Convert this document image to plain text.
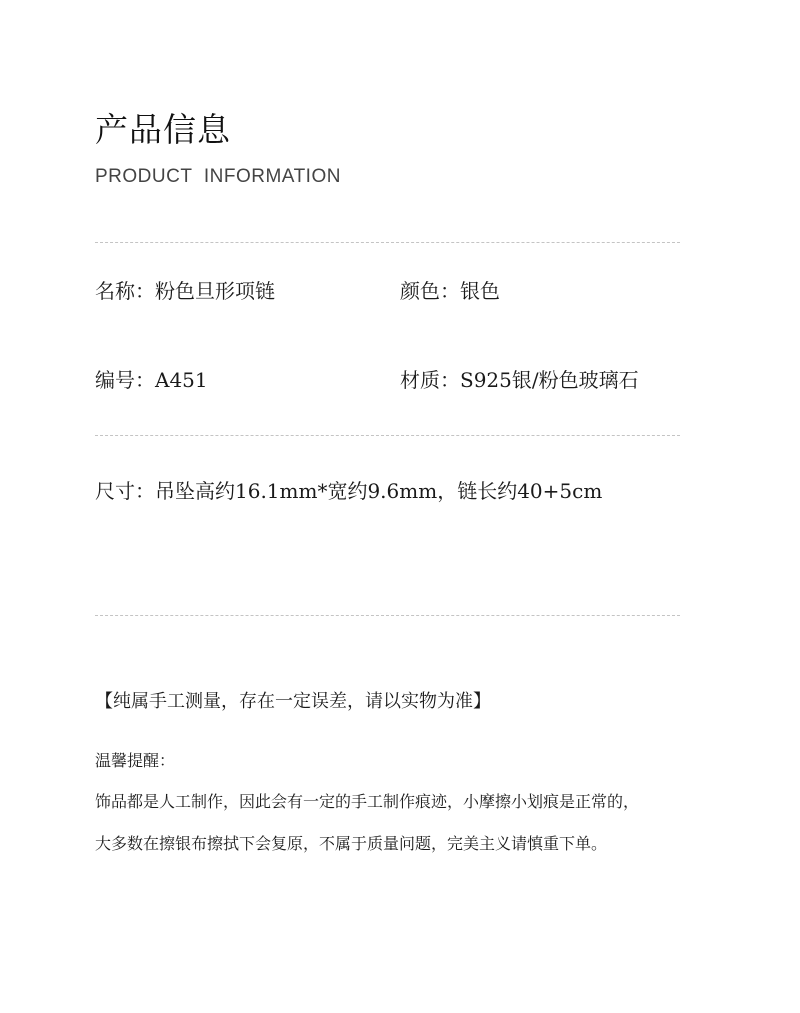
产品信息
PRODUCT INFORMATION
名称：粉色旦形项链	颜色：银色
编号：A451	材质：S925银/粉色玻璃石
尺寸：吊坠高约16.1mm*宽约9.6mm，链长约40+5cm
【纯属手工测量，存在一定误差，请以实物为准】
温馨提醒：
饰品都是人工制作，因此会有一定的手工制作痕迹，小摩擦小划痕是正常的，
大多数在擦银布擦拭下会复原，不属于质量问题，完美主义请慎重下单。
